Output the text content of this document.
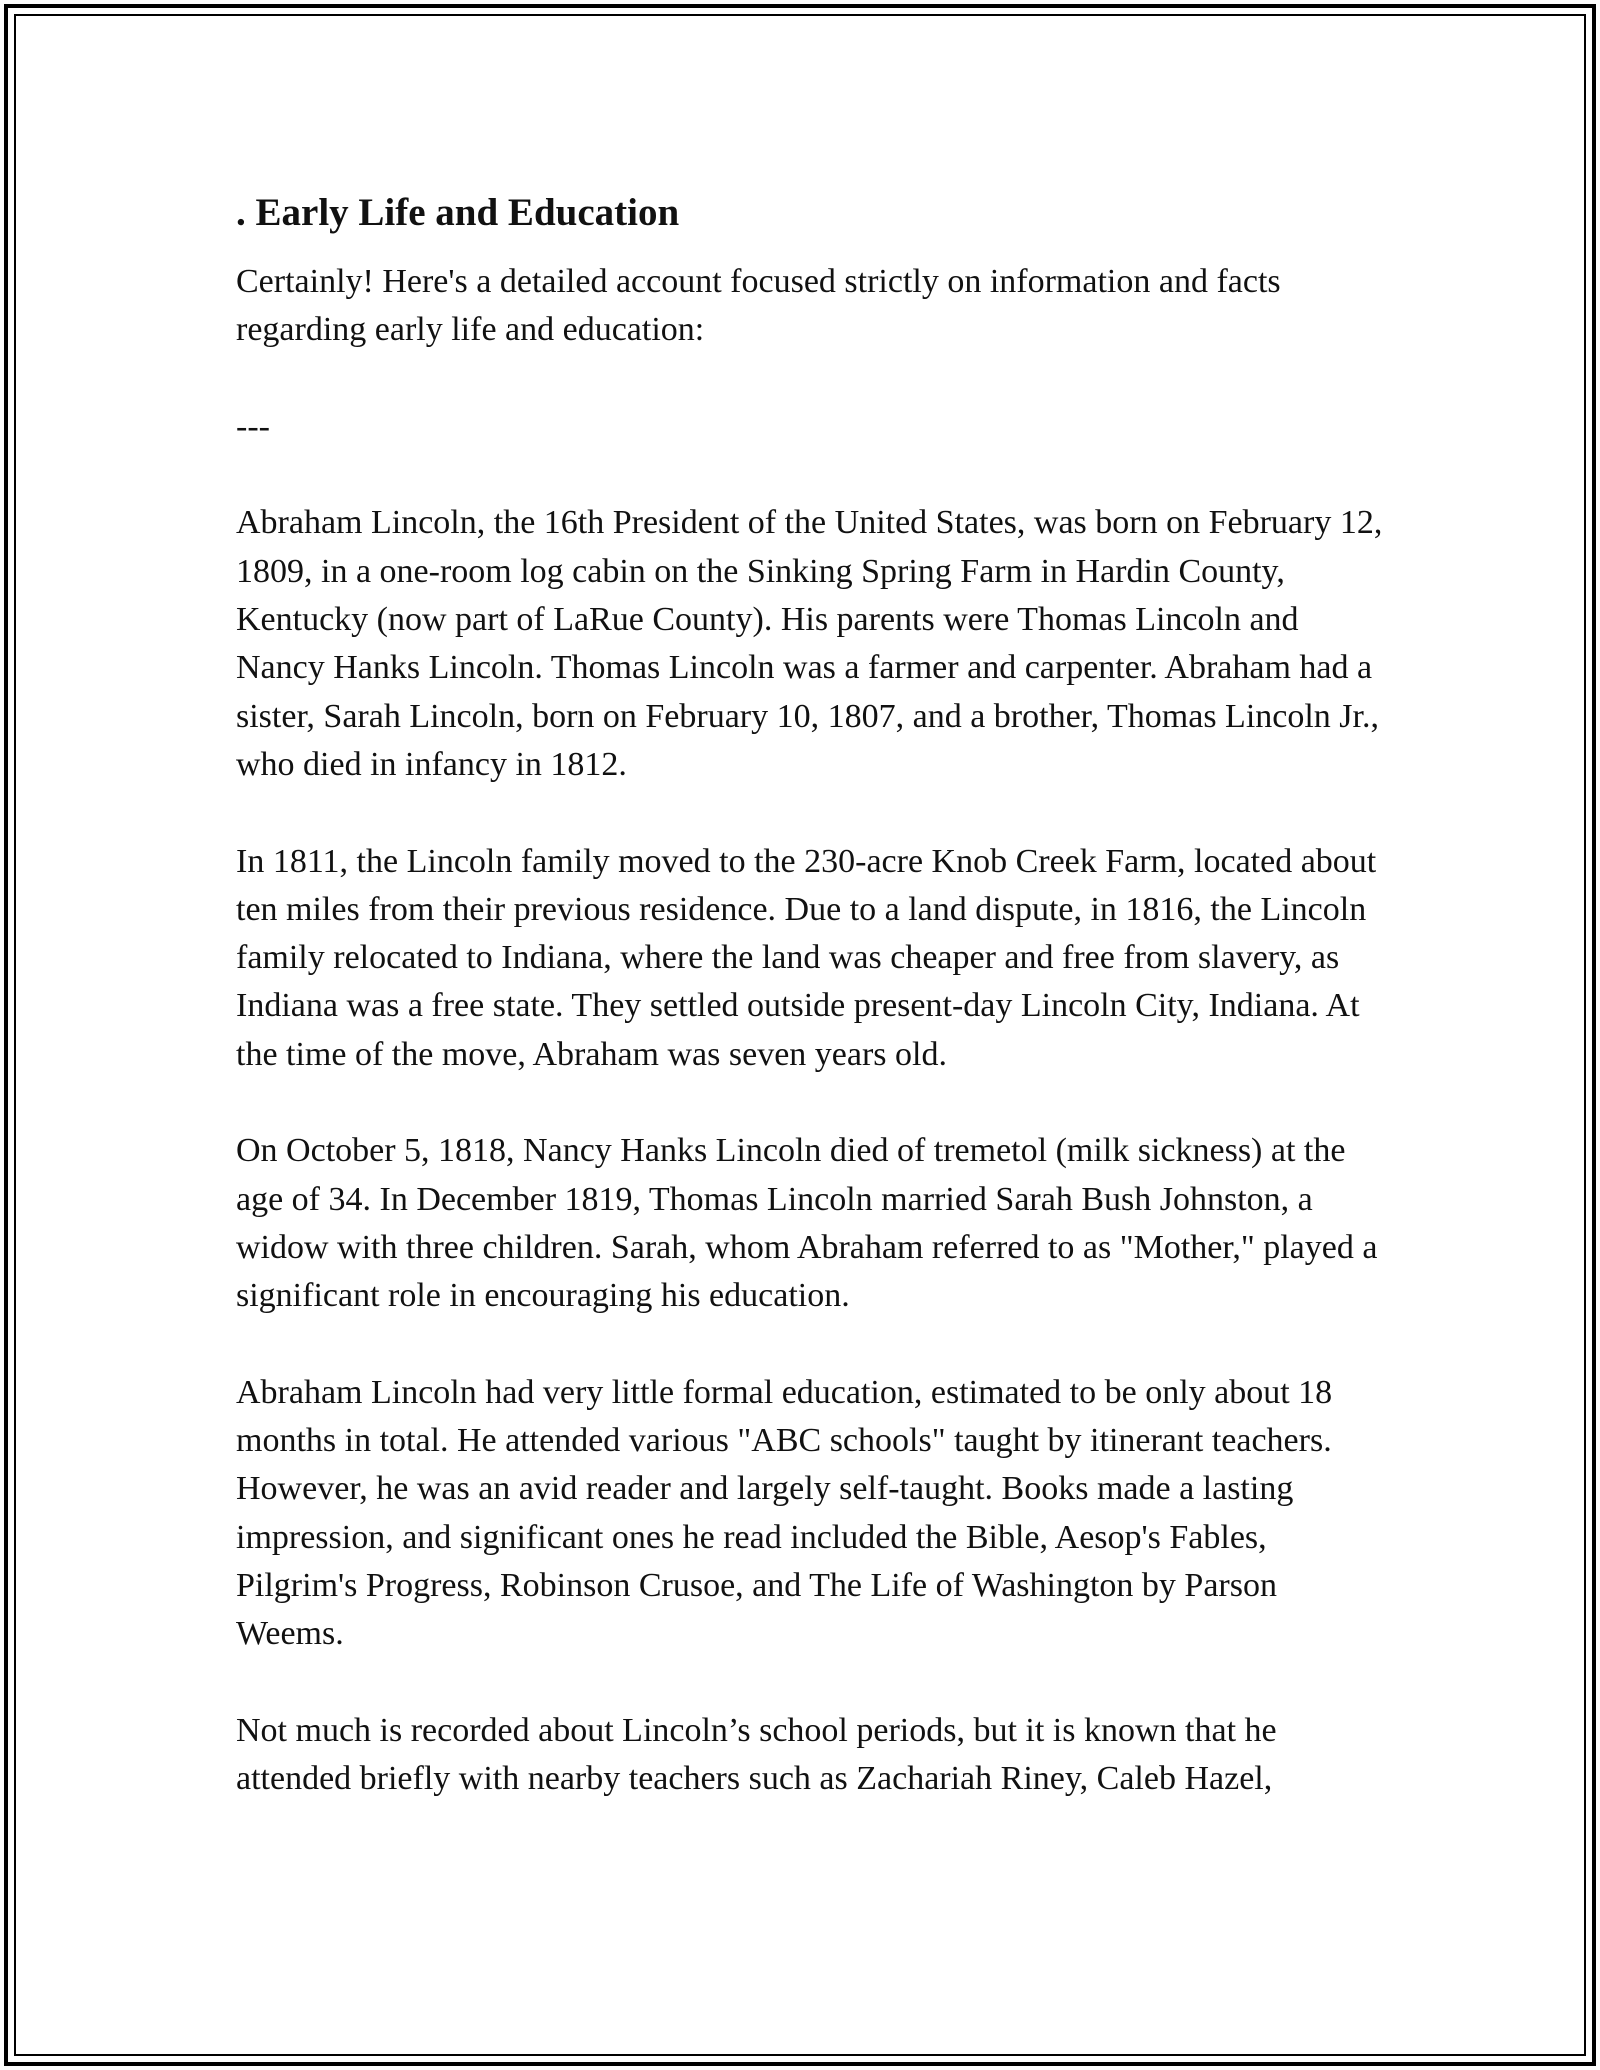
. Early Life and Education

Certainly! Here's a detailed account focused strictly on information and facts regarding early life and education:

---

Abraham Lincoln, the 16th President of the United States, was born on February 12, 1809, in a one-room log cabin on the Sinking Spring Farm in Hardin County, Kentucky (now part of LaRue County). His parents were Thomas Lincoln and Nancy Hanks Lincoln. Thomas Lincoln was a farmer and carpenter. Abraham had a sister, Sarah Lincoln, born on February 10, 1807, and a brother, Thomas Lincoln Jr., who died in infancy in 1812.

In 1811, the Lincoln family moved to the 230-acre Knob Creek Farm, located about ten miles from their previous residence. Due to a land dispute, in 1816, the Lincoln family relocated to Indiana, where the land was cheaper and free from slavery, as Indiana was a free state. They settled outside present-day Lincoln City, Indiana. At the time of the move, Abraham was seven years old.

On October 5, 1818, Nancy Hanks Lincoln died of tremetol (milk sickness) at the age of 34. In December 1819, Thomas Lincoln married Sarah Bush Johnston, a widow with three children. Sarah, whom Abraham referred to as "Mother," played a significant role in encouraging his education.

Abraham Lincoln had very little formal education, estimated to be only about 18 months in total. He attended various "ABC schools" taught by itinerant teachers. However, he was an avid reader and largely self-taught. Books made a lasting impression, and significant ones he read included the Bible, Aesop's Fables, Pilgrim's Progress, Robinson Crusoe, and The Life of Washington by Parson Weems.

Not much is recorded about Lincoln’s school periods, but it is known that he attended briefly with nearby teachers such as Zachariah Riney, Caleb Hazel,
